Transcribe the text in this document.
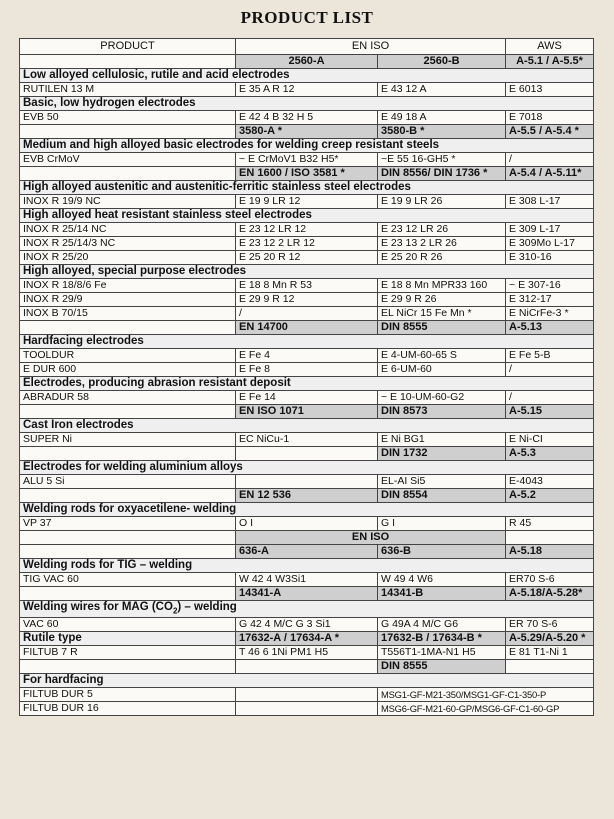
PRODUCT LIST
PRODUCT	EN ISO		AWS
	2560-A	2560-B	A-5.1 / A-5.5*
Low alloyed cellulosic, rutile and acid electrodes			
RUTILEN 13 M	E 35 A R 12	E 43 12 A	E 6013
Basic, low hydrogen electrodes			
EVB 50	E 42 4 B 32 H 5	E 49 18 A	E 7018
	3580-A *	3580-B *	A-5.5 / A-5.4 *
Medium and high alloyed basic electrodes for welding creep resistant steels			
EVB CrMoV	~ E CrMoV1 B32 H5*	~E 55 16-GH5 *	/
	EN 1600 / ISO 3581 *	DIN 8556/ DIN 1736 *	A-5.4 / A-5.11*
High alloyed austenitic and austenitic-ferritic stainless steel electrodes			
INOX R 19/9 NC	E 19 9 LR 12	E 19 9 LR 26	E 308 L-17
High alloyed heat resistant stainless steel electrodes			
INOX R 25/14 NC	E 23 12 LR 12	E 23 12 LR 26	E 309 L-17
INOX R 25/14/3 NC	E 23 12 2 LR 12	E 23 13 2 LR 26	E 309Mo L-17
INOX R 25/20	E 25 20 R 12	E 25 20 R 26	E 310-16
High alloyed, special purpose electrodes			
INOX R 18/8/6 Fe	E 18 8 Mn R 53	E 18 8 Mn MPR33 160	~ E 307-16
INOX R 29/9	E 29 9 R 12	E 29 9 R 26	E 312-17
INOX B 70/15	/	EL NiCr 15 Fe Mn *	E NiCrFe-3 *
	EN 14700	DIN 8555	A-5.13
Hardfacing electrodes			
TOOLDUR	E Fe 4	E 4-UM-60-65 S	E Fe 5-B
E DUR 600	E Fe 8	E 6-UM-60	/
Electrodes, producing abrasion resistant deposit			
ABRADUR 58	E Fe 14	~ E 10-UM-60-G2	/
	EN ISO 1071	DIN 8573	A-5.15
Cast Iron electrodes			
SUPER Ni	EC NiCu-1	E Ni BG1	E Ni-CI
		DIN 1732	A-5.3
Electrodes for welding aluminium alloys			
ALU 5 Si		EL-AI Si5	E-4043
	EN 12 536	DIN 8554	A-5.2
Welding rods for oxyacetilene- welding			
VP 37	O I	G I	R 45
	EN ISO		
	636-A	636-B	A-5.18
Welding rods for TIG – welding			
TIG VAC 60	W 42 4 W3Si1	W 49 4 W6	ER70 S-6
	14341-A	14341-B	A-5.18/A-5.28*
Welding wires for MAG $(CO_2)$ – welding			
VAC 60	G 42 4 M/C G 3 Si1	G 49A 4 M/C G6	ER 70 S-6
Rutile type	17632-A / 17634-A *	17632-B / 17634-B *	A-5.29/A-5.20 *
FILTUB 7 R	T 46 6 1Ni PM1 H5	T556T1-1MA-N1 H5	E 81 T1-Ni 1
		DIN 8555	
For hardfacing			
FILTUB DUR 5		MSG1-GF-M21-350/MSG1-GF-C1-350-P	
FILTUB DUR 16		MSG6-GF-M21-60-GP/MSG6-GF-C1-60-GP	
